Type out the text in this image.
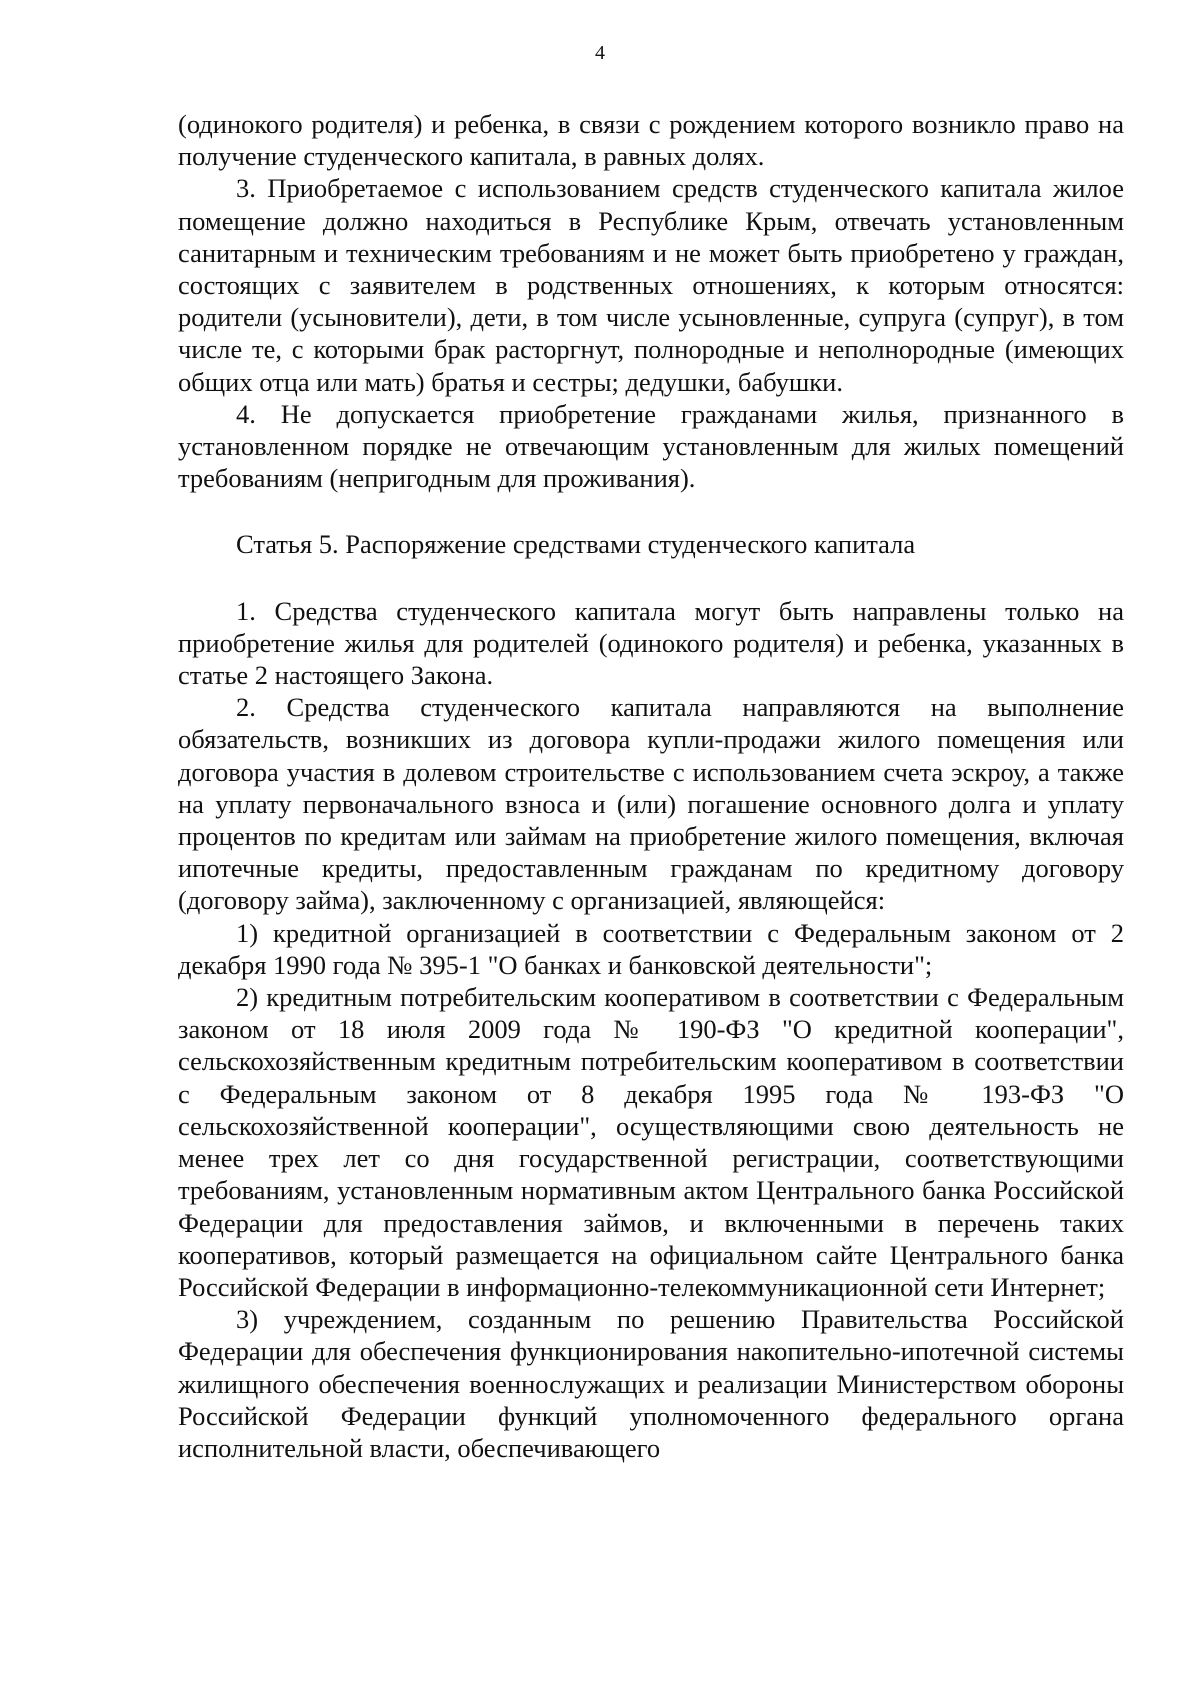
4

(одинокого родителя) и ребенка, в связи с рождением которого возникло право на получение студенческого капитала, в равных долях.

3. Приобретаемое с использованием средств студенческого капитала жилое помещение должно находиться в Республике Крым, отвечать установленным санитарным и техническим требованиям и не может быть приобретено у граждан, состоящих с заявителем в родственных отношениях, к которым относятся: родители (усыновители), дети, в том числе усыновленные, супруга (супруг), в том числе те, с которыми брак расторгнут, полнородные и неполнородные (имеющих общих отца или мать) братья и сестры; дедушки, бабушки.

4. Не допускается приобретение гражданами жилья, признанного в установленном порядке не отвечающим установленным для жилых помещений требованиям (непригодным для проживания).

Статья 5. Распоряжение средствами студенческого капитала

1. Средства студенческого капитала могут быть направлены только на приобретение жилья для родителей (одинокого родителя) и ребенка, указанных в статье 2 настоящего Закона.

2. Средства студенческого капитала направляются на выполнение обязательств, возникших из договора купли-продажи жилого помещения или договора участия в долевом строительстве с использованием счета эскроу, а также на уплату первоначального взноса и (или) погашение основного долга и уплату процентов по кредитам или займам на приобретение жилого помещения, включая ипотечные кредиты, предоставленным гражданам по кредитному договору (договору займа), заключенному с организацией, являющейся:

1) кредитной организацией в соответствии с Федеральным законом от 2 декабря 1990 года № 395-1 "О банках и банковской деятельности";

2) кредитным потребительским кооперативом в соответствии с Федеральным законом от 18 июля 2009 года № 190-ФЗ "О кредитной кооперации", сельскохозяйственным кредитным потребительским кооперативом в соответствии с Федеральным законом от 8 декабря 1995 года № 193-ФЗ "О сельскохозяйственной кооперации", осуществляющими свою деятельность не менее трех лет со дня государственной регистрации, соответствующими требованиям, установленным нормативным актом Центрального банка Российской Федерации для предоставления займов, и включенными в перечень таких кооперативов, который размещается на официальном сайте Центрального банка Российской Федерации в информационно-телекоммуникационной сети Интернет;

3) учреждением, созданным по решению Правительства Российской Федерации для обеспечения функционирования накопительно-ипотечной системы жилищного обеспечения военнослужащих и реализации Министерством обороны Российской Федерации функций уполномоченного федерального органа исполнительной власти, обеспечивающего
